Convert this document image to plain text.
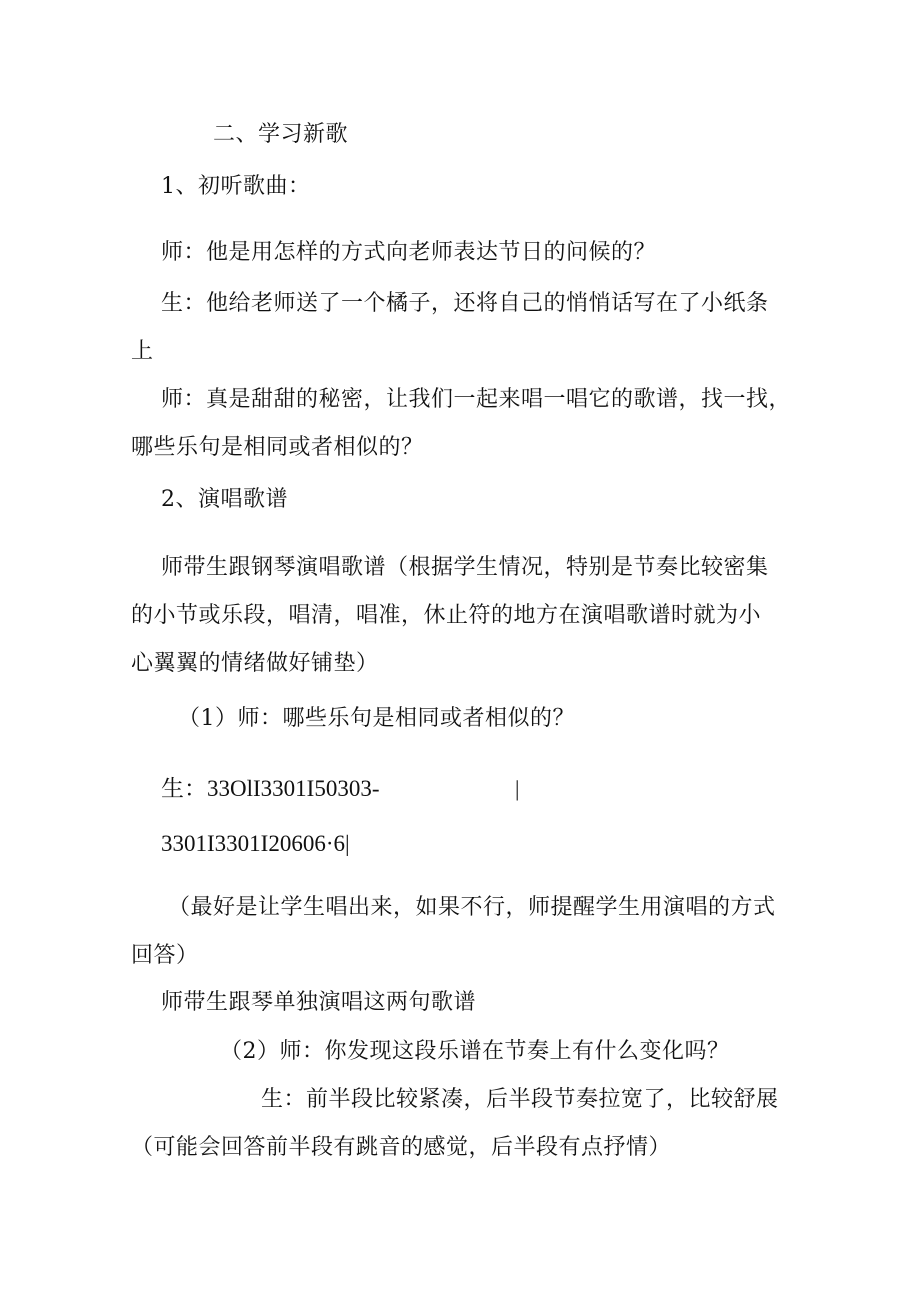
二、学习新歌
1、初听歌曲：
师：他是用怎样的方式向老师表达节日的问候的？
生：他给老师送了一个橘子，还将自己的悄悄话写在了小纸条
上
师：真是甜甜的秘密，让我们一起来唱一唱它的歌谱，找一找，
哪些乐句是相同或者相似的？
2、演唱歌谱
师带生跟钢琴演唱歌谱（根据学生情况，特别是节奏比较密集
的小节或乐段，唱清，唱准，休止符的地方在演唱歌谱时就为小
心翼翼的情绪做好铺垫）
（1）师：哪些乐句是相同或者相似的？
生：33OlI3301I50303-	|
3301I3301I20606·6|
（最好是让学生唱出来，如果不行，师提醒学生用演唱的方式
回答）
师带生跟琴单独演唱这两句歌谱
（2）师：你发现这段乐谱在节奏上有什么变化吗？
生：前半段比较紧凑，后半段节奏拉宽了，比较舒展
（可能会回答前半段有跳音的感觉，后半段有点抒情）
